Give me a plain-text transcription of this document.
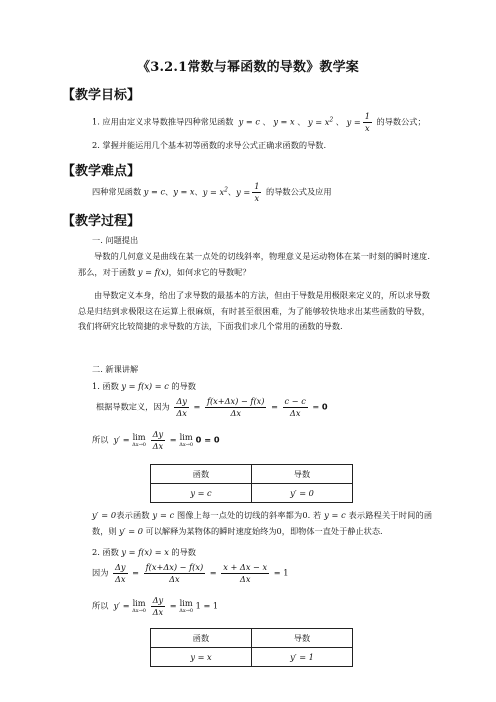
《3.2.1常数与幂函数的导数》教学案
【教学目标】
1. 应用由定义求导数推导四种常见函数  y = c 、 y = x 、 $y = x^2$ 、 $y = \frac{1}{x}$ 的导数公式；
2. 掌握并能运用几个基本初等函数的求导公式正确求函数的导数.
【教学难点】
四种常见函数 y = c、y = x、$y = x^2$、$y = \frac{1}{x}$ 的导数公式及应用
【教学过程】
一. 问题提出
导数的几何意义是曲线在某一点处的切线斜率，物理意义是运动物体在某一时刻的瞬时速度. 那么，对于函数 y = f(x)，如何求它的导数呢？
由导数定义本身，给出了求导数的最基本的方法，但由于导数是用极限来定义的，所以求导数总是归结到求极限这在运算上很麻烦，有时甚至很困难，为了能够较快地求出某些函数的导数，我们将研究比较简捷的求导数的方法，下面我们求几个常用的函数的导数.
二. 新课讲解
1. 函数 y = f(x) = c 的导数
根据导数定义，因为 $\frac{\Delta y}{\Delta x} = \frac{f(x+\Delta x) - f(x)}{\Delta x} = \frac{c - c}{\Delta x} = 0$
所以  y′ = lim
Δx→0
$\frac{\Delta y}{\Delta x} = \lim$
Δx→0
0 = 0
函数	导数
y = c	y′ = 0
y′ = 0表示函数 y = c 图像上每一点处的切线的斜率都为0. 若 y = c 表示路程关于时间的函数，则 y′ = 0 可以解释为某物体的瞬时速度始终为0，即物体一直处于静止状态.
2. 函数 y = f(x) = x 的导数
因为 $\frac{\Delta y}{\Delta x} = \frac{f(x+\Delta x) - f(x)}{\Delta x} = \frac{x + \Delta x - x}{\Delta x} = 1$
所以  y′ = lim
Δx→0
$\frac{\Delta y}{\Delta x} = \lim$
Δx→0
1 = 1
函数	导数
y = x	y′ = 1
